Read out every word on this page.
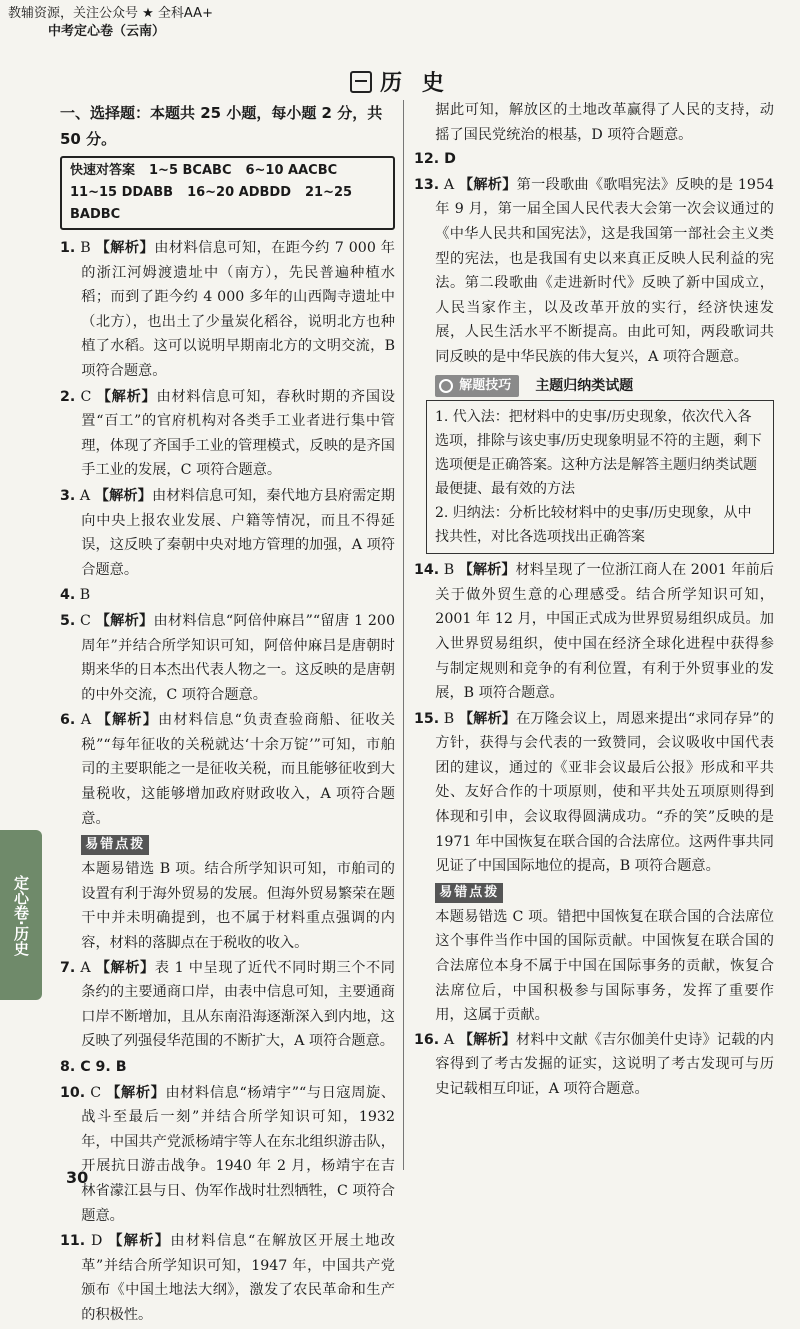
教辅资源，关注公众号 ★ 全科AA+
中考定心卷（云南）
历 史
一、选择题：本题共 25 小题，每小题 2 分，共 50 分。
快速对答案 1~5 BCABC 6~10 AACBC
11~15 DDABB 16~20 ADBDD 21~25 BADBC
1. B 【解析】由材料信息可知，在距今约 7 000 年的浙江河姆渡遗址中（南方），先民普遍种植水稻；而到了距今约 4 000 多年的山西陶寺遗址中（北方），也出土了少量炭化稻谷，说明北方也种植了水稻。这可以说明早期南北方的文明交流，B 项符合题意。
2. C 【解析】由材料信息可知，春秋时期的齐国设置“百工”的官府机构对各类手工业者进行集中管理，体现了齐国手工业的管理模式，反映的是齐国手工业的发展，C 项符合题意。
3. A 【解析】由材料信息可知，秦代地方县府需定期向中央上报农业发展、户籍等情况，而且不得延误，这反映了秦朝中央对地方管理的加强，A 项符合题意。
4. B
5. C 【解析】由材料信息“阿倍仲麻吕”“留唐 1 200 周年”并结合所学知识可知，阿倍仲麻吕是唐朝时期来华的日本杰出代表人物之一。这反映的是唐朝的中外交流，C 项符合题意。
6. A 【解析】由材料信息“负责查验商船、征收关税”“每年征收的关税就达‘十余万锭’”可知，市舶司的主要职能之一是征收关税，而且能够征收到大量税收，这能够增加政府财政收入，A 项符合题意。
易错点拨
本题易错选 B 项。结合所学知识可知，市舶司的设置有利于海外贸易的发展。但海外贸易繁荣在题干中并未明确提到，也不属于材料重点强调的内容，材料的落脚点在于税收的收入。
7. A 【解析】表 1 中呈现了近代不同时期三个不同条约的主要通商口岸，由表中信息可知，主要通商口岸不断增加，且从东南沿海逐渐深入到内地，这反映了列强侵华范围的不断扩大，A 项符合题意。
8. C 9. B
10. C 【解析】由材料信息“杨靖宇”“与日寇周旋、战斗至最后一刻”并结合所学知识可知，1932 年，中国共产党派杨靖宇等人在东北组织游击队，开展抗日游击战争。1940 年 2 月，杨靖宇在吉林省濛江县与日、伪军作战时壮烈牺牲，C 项符合题意。
11. D 【解析】由材料信息“在解放区开展土地改革”并结合所学知识可知，1947 年，中国共产党颁布《中国土地法大纲》，激发了农民革命和生产的积极性。
据此可知，解放区的土地改革赢得了人民的支持，动摇了国民党统治的根基，D 项符合题意。
12. D
13. A 【解析】第一段歌曲《歌唱宪法》反映的是 1954 年 9 月，第一届全国人民代表大会第一次会议通过的《中华人民共和国宪法》，这是我国第一部社会主义类型的宪法，也是我国有史以来真正反映人民利益的宪法。第二段歌曲《走进新时代》反映了新中国成立，人民当家作主，以及改革开放的实行，经济快速发展，人民生活水平不断提高。由此可知，两段歌词共同反映的是中华民族的伟大复兴，A 项符合题意。
解题技巧 主题归纳类试题
1. 代入法：把材料中的史事/历史现象，依次代入各选项，排除与该史事/历史现象明显不符的主题，剩下选项便是正确答案。这种方法是解答主题归纳类试题最便捷、最有效的方法
2. 归纳法：分析比较材料中的史事/历史现象，从中找共性，对比各选项找出正确答案
14. B 【解析】材料呈现了一位浙江商人在 2001 年前后关于做外贸生意的心理感受。结合所学知识可知，2001 年 12 月，中国正式成为世界贸易组织成员。加入世界贸易组织，使中国在经济全球化进程中获得参与制定规则和竞争的有利位置，有利于外贸事业的发展，B 项符合题意。
15. B 【解析】在万隆会议上，周恩来提出“求同存异”的方针，获得与会代表的一致赞同，会议吸收中国代表团的建议，通过的《亚非会议最后公报》形成和平共处、友好合作的十项原则，使和平共处五项原则得到体现和引申，会议取得圆满成功。“乔的笑”反映的是 1971 年中国恢复在联合国的合法席位。这两件事共同见证了中国国际地位的提高，B 项符合题意。
易错点拨
本题易错选 C 项。错把中国恢复在联合国的合法席位这个事件当作中国的国际贡献。中国恢复在联合国的合法席位本身不属于中国在国际事务的贡献，恢复合法席位后，中国积极参与国际事务，发挥了重要作用，这属于贡献。
16. A 【解析】材料中文献《吉尔伽美什史诗》记载的内容得到了考古发掘的证实，这说明了考古发现可与历史记载相互印证，A 项符合题意。
定心卷·历史
30
